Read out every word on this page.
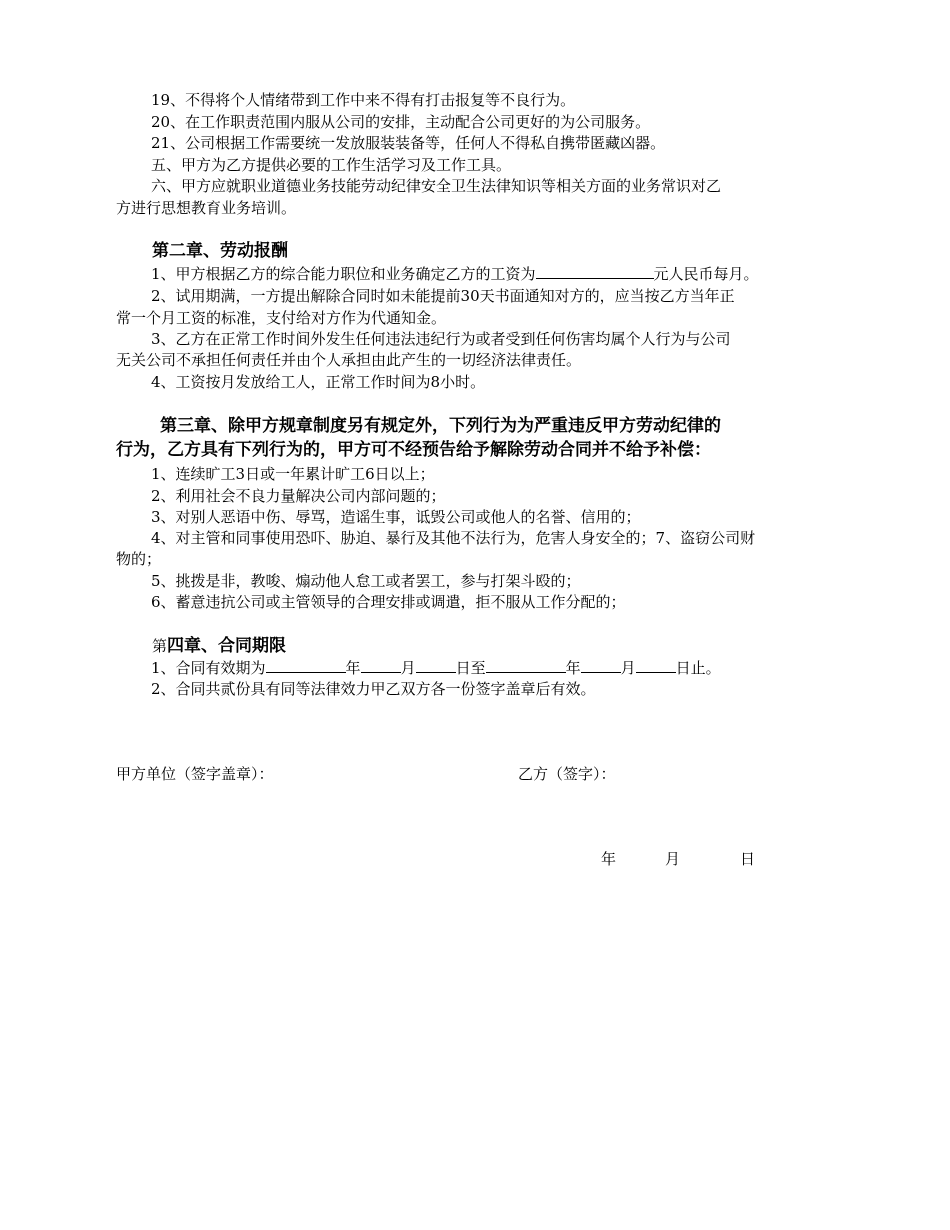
19、不得将个人情绪带到工作中来不得有打击报复等不良行为。
20、在工作职责范围内服从公司的安排，主动配合公司更好的为公司服务。
21、公司根据工作需要统一发放服装装备等，任何人不得私自携带匿藏凶器。
五、甲方为乙方提供必要的工作生活学习及工作工具。
六、甲方应就职业道德业务技能劳动纪律安全卫生法律知识等相关方面的业务常识对乙
方进行思想教育业务培训。
第二章、劳动报酬
1、甲方根据乙方的综合能力职位和业务确定乙方的工资为	元人民币每月。
2、试用期满，一方提出解除合同时如未能提前30天书面通知对方的，应当按乙方当年正
常一个月工资的标准，支付给对方作为代通知金。
3、乙方在正常工作时间外发生任何违法违纪行为或者受到任何伤害均属个人行为与公司
无关公司不承担任何责任并由个人承担由此产生的一切经济法律责任。
4、工资按月发放给工人，正常工作时间为8小时。
第三章、除甲方规章制度另有规定外，下列行为为严重违反甲方劳动纪律的
行为，乙方具有下列行为的，甲方可不经预告给予解除劳动合同并不给予补偿：
1、连续旷工3日或一年累计旷工6日以上；
2、利用社会不良力量解决公司内部问题的；
3、对别人恶语中伤、辱骂，造谣生事，诋毁公司或他人的名誉、信用的；
4、对主管和同事使用恐吓、胁迫、暴行及其他不法行为，危害人身安全的；7、盗窃公司财
物的；
5、挑拨是非，教唆、煽动他人怠工或者罢工，参与打架斗殴的；
6、蓄意违抗公司或主管领导的合理安排或调遣，拒不服从工作分配的；
第四章、合同期限
1、合同有效期为	年	月	日至	年	月	日止。
2、合同共贰份具有同等法律效力甲乙双方各一份签字盖章后有效。
甲方单位（签字盖章）：	乙方（签字）：
年	月	日
